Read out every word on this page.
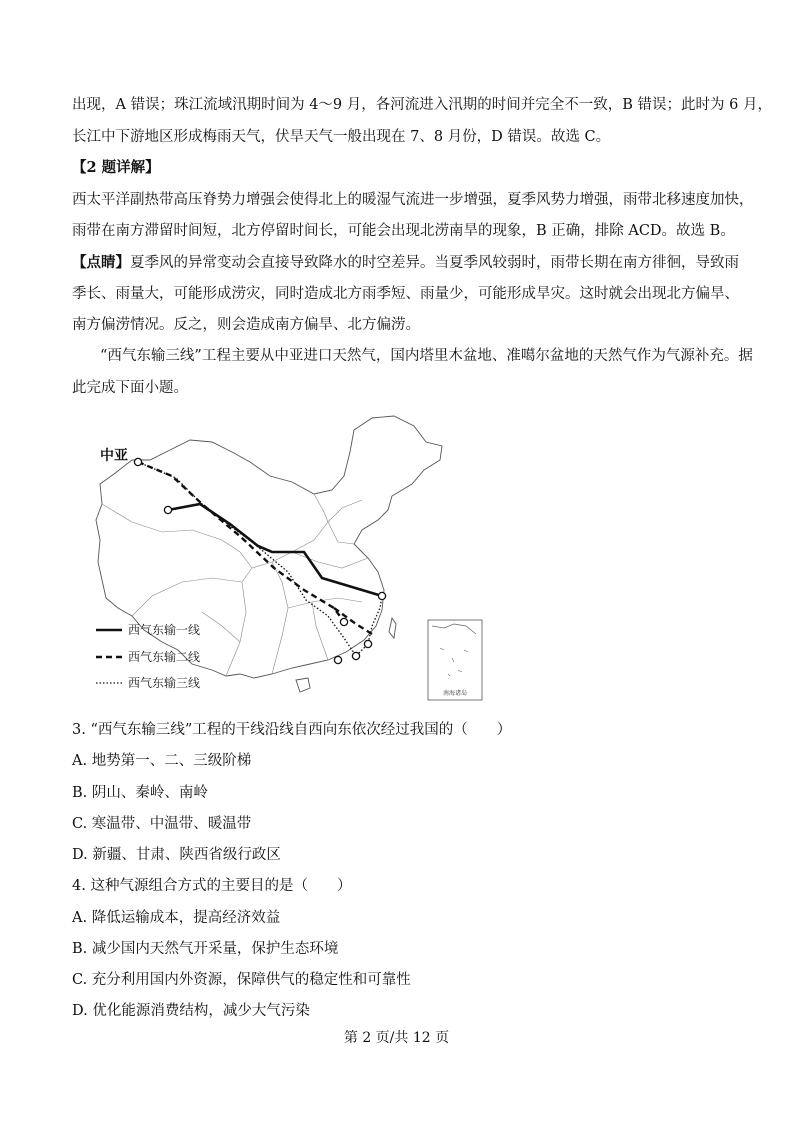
出现，A 错误；珠江流域汛期时间为 4～9 月，各河流进入汛期的时间并完全不一致，B 错误；此时为 6 月，
长江中下游地区形成梅雨天气，伏旱天气一般出现在 7、8 月份，D 错误。故选 C。
【2 题详解】
西太平洋副热带高压脊势力增强会使得北上的暖湿气流进一步增强，夏季风势力增强，雨带北移速度加快，
雨带在南方滞留时间短，北方停留时间长，可能会出现北涝南旱的现象，B 正确，排除 ACD。故选 B。
【点睛】夏季风的异常变动会直接导致降水的时空差异。当夏季风较弱时，雨带长期在南方徘徊，导致雨
季长、雨量大，可能形成涝灾，同时造成北方雨季短、雨量少，可能形成旱灾。这时就会出现北方偏旱、
南方偏涝情况。反之，则会造成南方偏旱、北方偏涝。
“西气东输三线”工程主要从中亚进口天然气，国内塔里木盆地、准噶尔盆地的天然气作为气源补充。据
此完成下面小题。
南海诸岛
中亚
西气东输一线
西气东输二线
西气东输三线
3. “西气东输三线”工程的干线沿线自西向东依次经过我国的（　　）
A. 地势第一、二、三级阶梯
B. 阴山、秦岭、南岭
C. 寒温带、中温带、暖温带
D. 新疆、甘肃、陕西省级行政区
4. 这种气源组合方式的主要目的是（　　）
A. 降低运输成本，提高经济效益
B. 减少国内天然气开采量，保护生态环境
C. 充分利用国内外资源，保障供气的稳定性和可靠性
D. 优化能源消费结构，减少大气污染
第 2 页/共 12 页
